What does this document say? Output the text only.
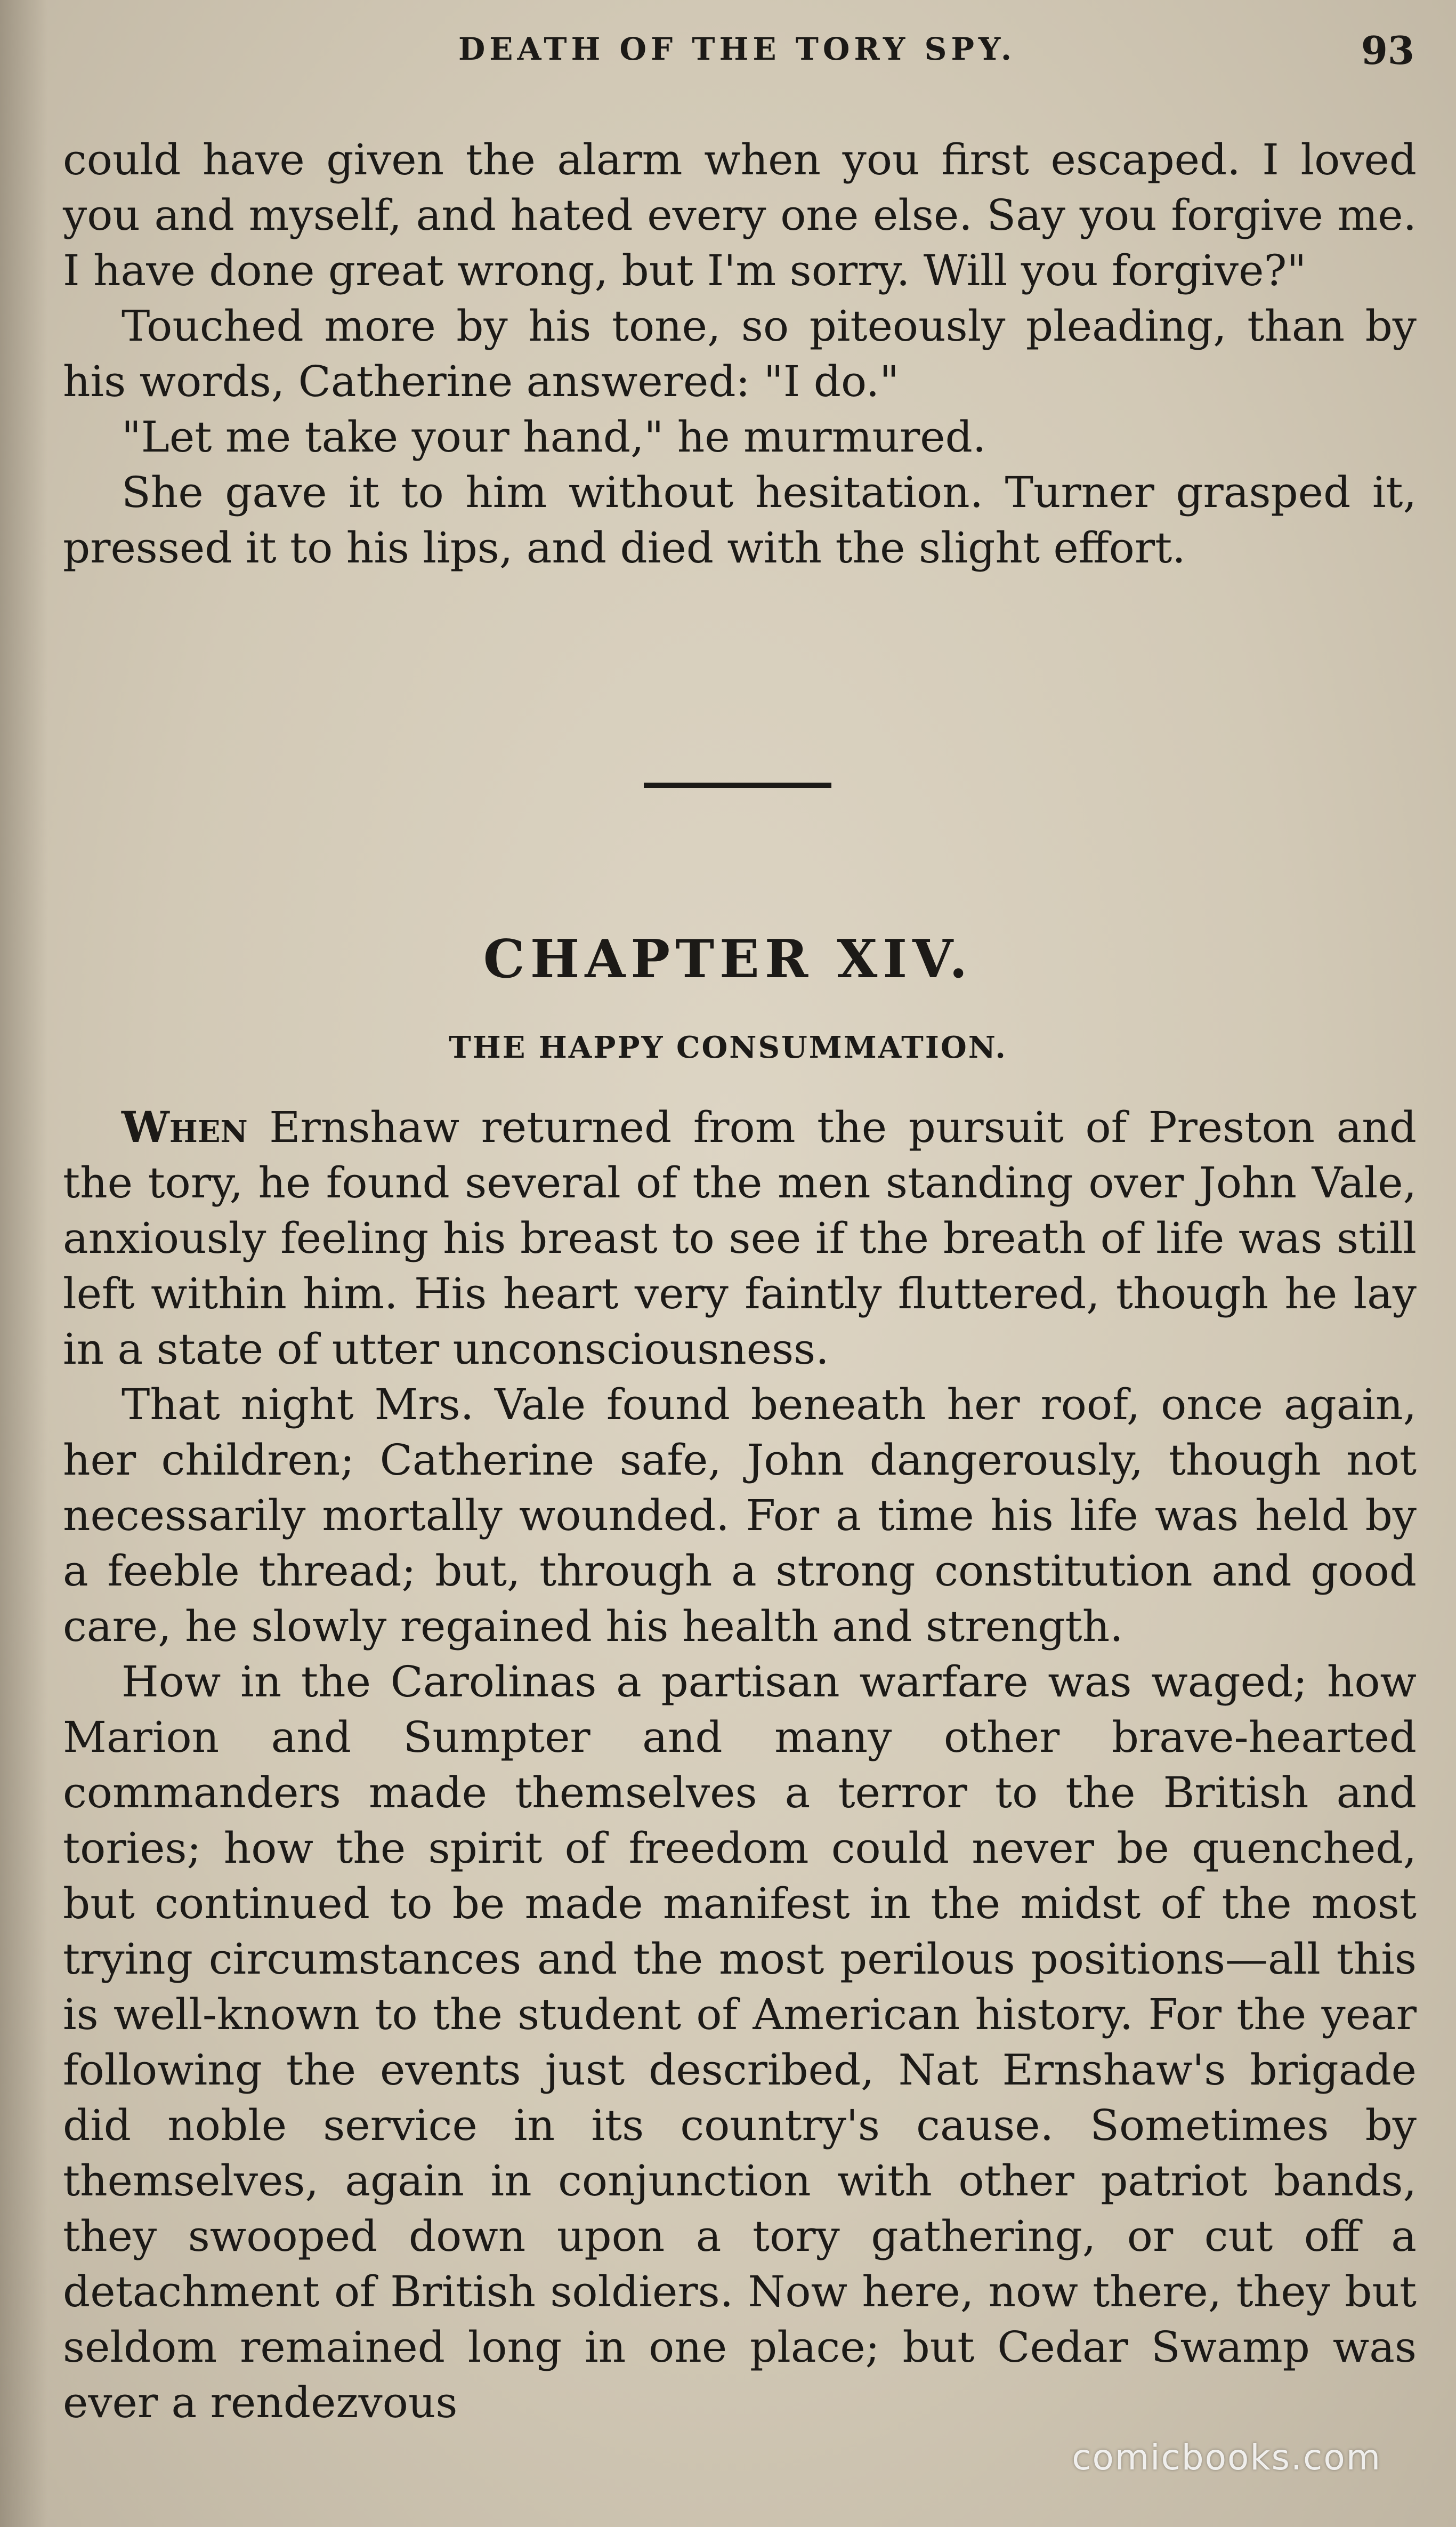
DEATH OF THE TORY SPY.	93

could have given the alarm when you first escaped. I loved you and myself, and hated every one else. Say you forgive me. I have done great wrong, but I'm sorry. Will you forgive?"

Touched more by his tone, so piteously pleading, than by his words, Catherine answered: "I do."

"Let me take your hand," he murmured.

She gave it to him without hesitation. Turner grasped it, pressed it to his lips, and died with the slight effort.

CHAPTER XIV.
THE HAPPY CONSUMMATION.

When Ernshaw returned from the pursuit of Preston and the tory, he found several of the men standing over John Vale, anxiously feeling his breast to see if the breath of life was still left within him. His heart very faintly fluttered, though he lay in a state of utter unconsciousness.

That night Mrs. Vale found beneath her roof, once again, her children; Catherine safe, John dangerously, though not necessarily mortally wounded. For a time his life was held by a feeble thread; but, through a strong constitution and good care, he slowly regained his health and strength.

How in the Carolinas a partisan warfare was waged; how Marion and Sumpter and many other brave-hearted commanders made themselves a terror to the British and tories; how the spirit of freedom could never be quenched, but continued to be made manifest in the midst of the most trying circumstances and the most perilous positions—all this is well-known to the student of American history. For the year following the events just described, Nat Ernshaw's brigade did noble service in its country's cause. Sometimes by themselves, again in conjunction with other patriot bands, they swooped down upon a tory gathering, or cut off a detachment of British soldiers. Now here, now there, they but seldom remained long in one place; but Cedar Swamp was ever a rendezvous

comicbooks.com
